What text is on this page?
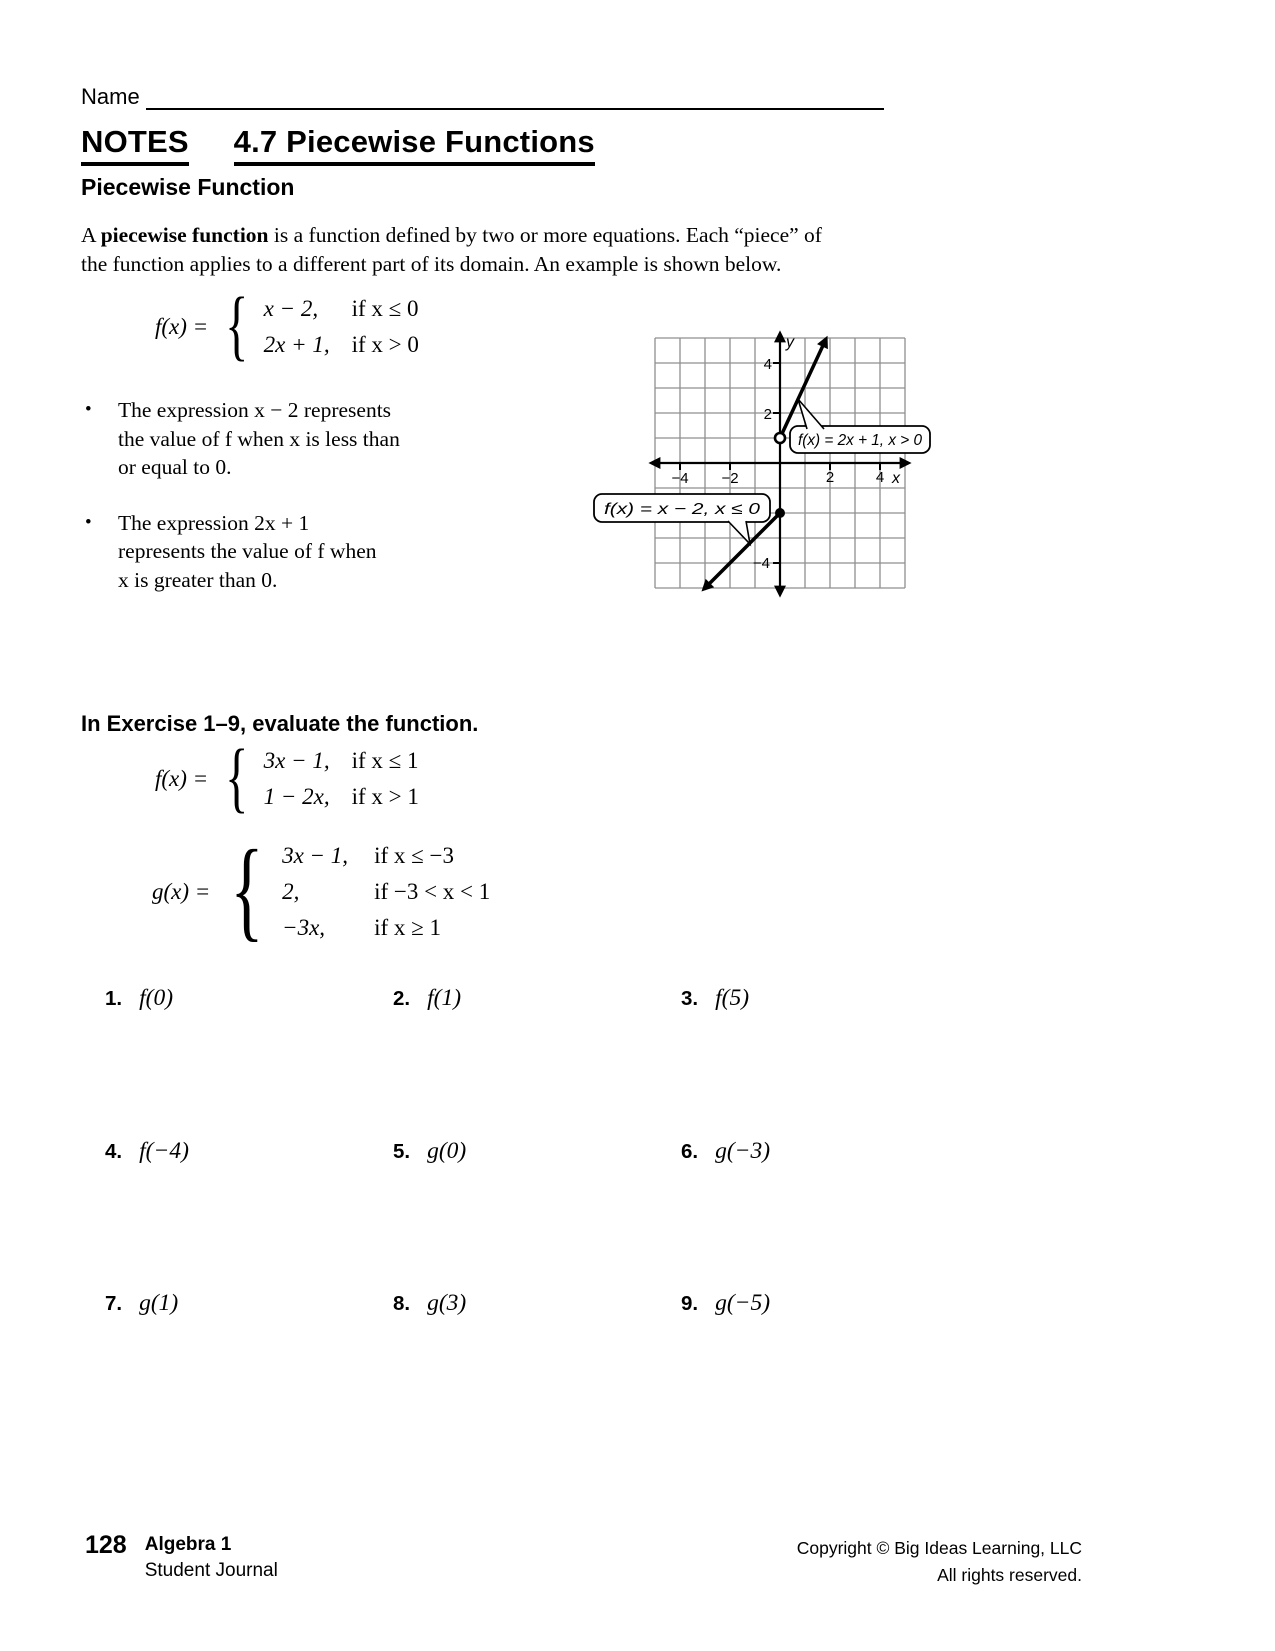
Name
NOTES 4.7 Piecewise Functions
Piecewise Function
A piecewise function is a function defined by two or more equations. Each “piece” of
the function applies to a different part of its domain. An example is shown below.
f(x) = { x − 2,	if x ≤ 0
2x + 1, if x > 0
•	The expression x − 2 represents
the value of f when x is less than
or equal to 0.
•	The expression 2x + 1
represents the value of f when
x is greater than 0.
f(x) = 2x + 1, x > 0
f(x) = x − 2, x ≤ 0
−4 −2	2	4
4
2
−4
x
y
In Exercise 1–9, evaluate the function.
f(x) = { 3x − 1, if x ≤ 1
1 − 2x, if x > 1
g(x) = { 3x − 1, if x ≤ −3
2,	if −3 < x < 1
−3x,	if x ≥ 1
1. f(0)	2. f(1)	3. f(5)
4. f(−4)	5. g(0)	6. g(−3)
7. g(1)	8. g(3)	9. g(−5)
128 Algebra 1
Student Journal
Copyright © Big Ideas Learning, LLC
All rights reserved.
